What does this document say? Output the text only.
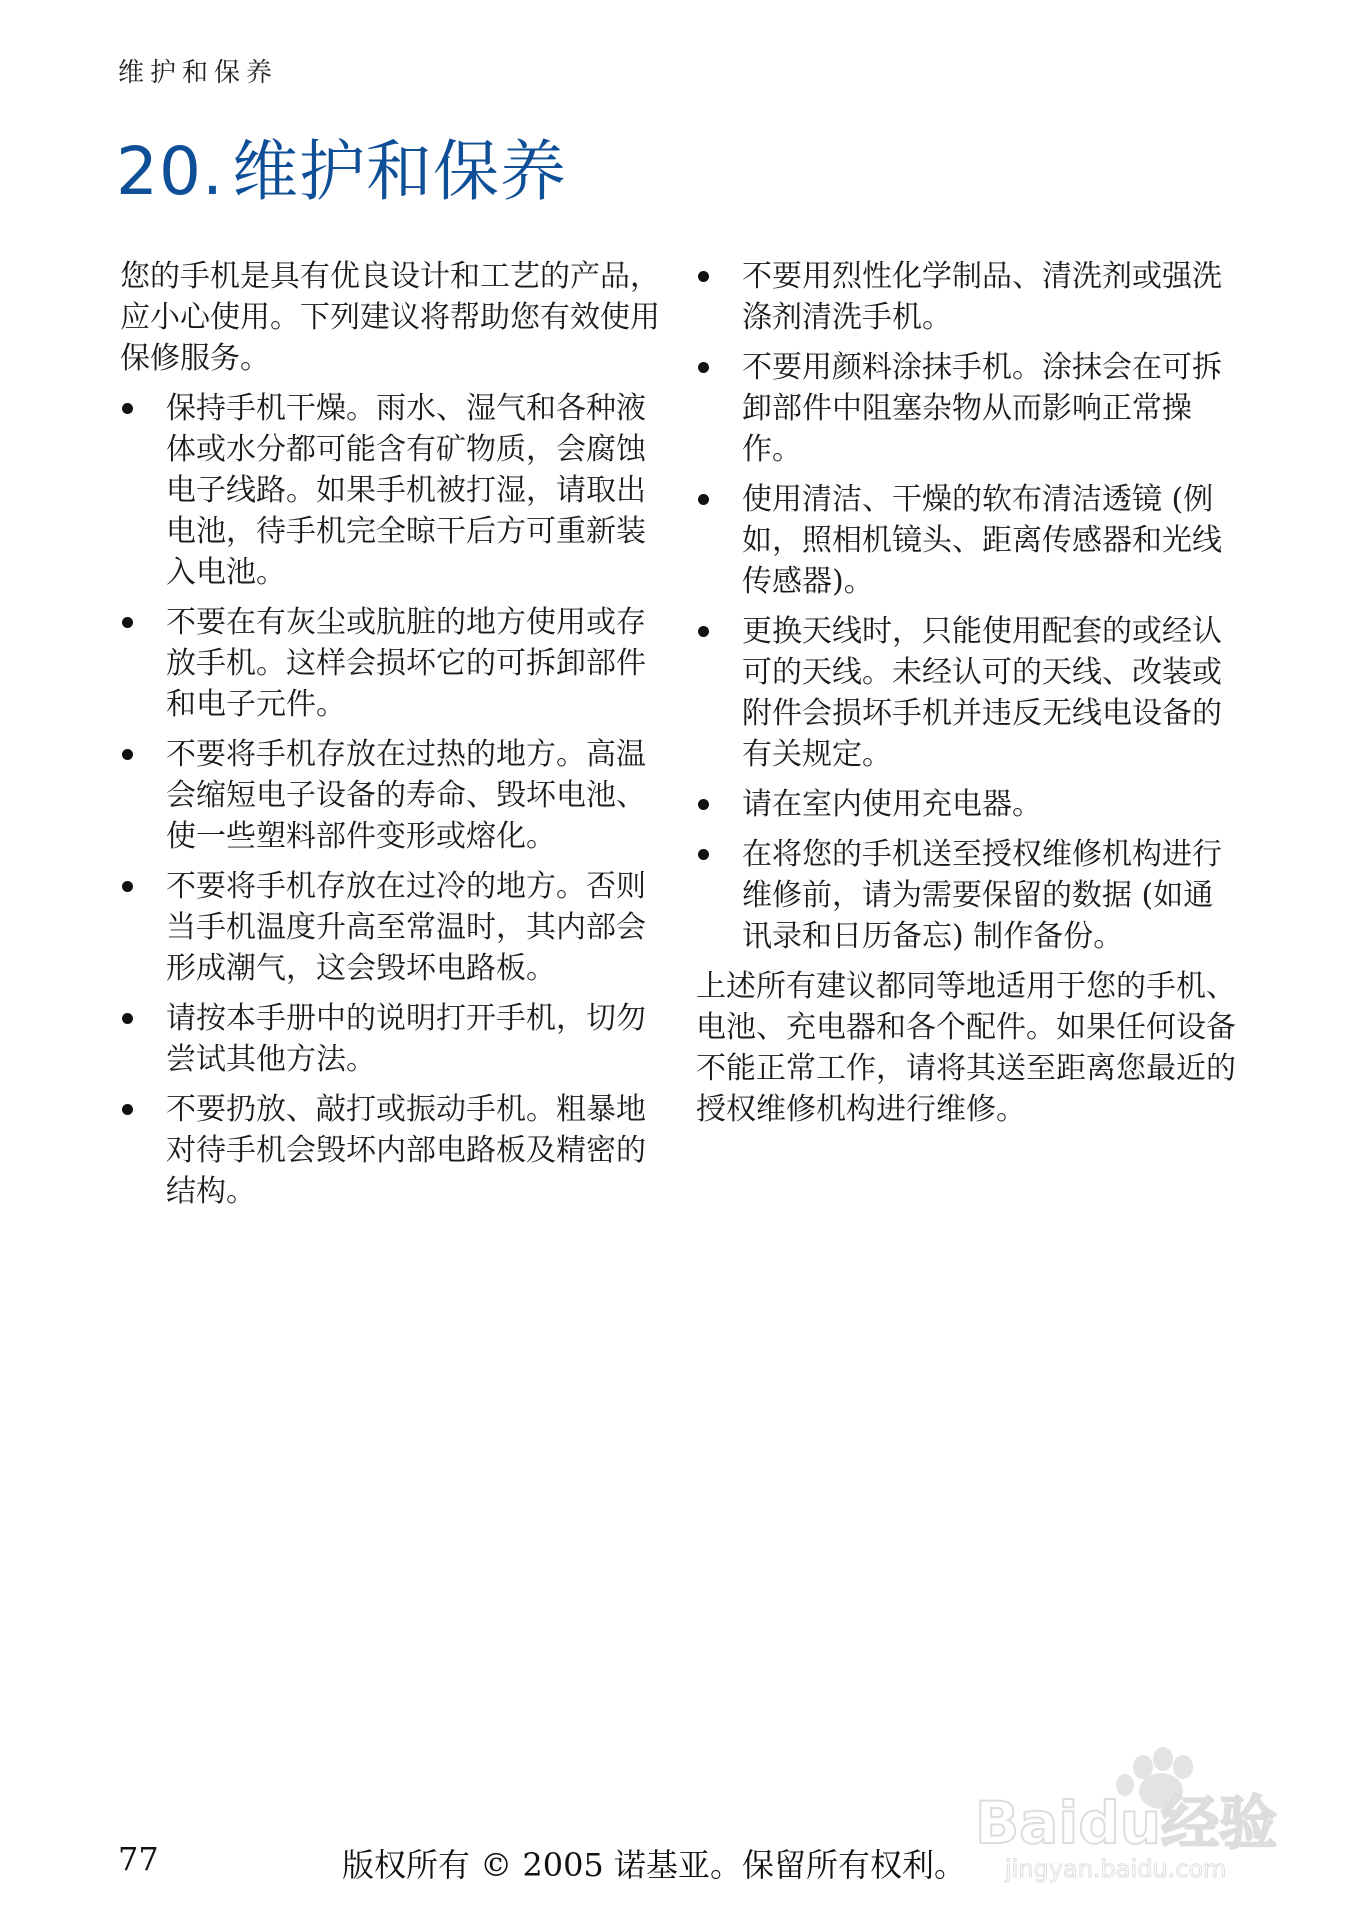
维护和保养
20. 维护和保养

您的手机是具有优良设计和工艺的产品，应小心使用。下列建议将帮助您有效使用保修服务。

保持手机干燥。雨水、湿气和各种液体或水分都可能含有矿物质，会腐蚀电子线路。如果手机被打湿，请取出电池，待手机完全晾干后方可重新装入电池。
不要在有灰尘或肮脏的地方使用或存放手机。这样会损坏它的可拆卸部件和电子元件。
不要将手机存放在过热的地方。高温会缩短电子设备的寿命、毁坏电池、使一些塑料部件变形或熔化。
不要将手机存放在过冷的地方。否则当手机温度升高至常温时，其内部会形成潮气，这会毁坏电路板。
请按本手册中的说明打开手机，切勿尝试其他方法。
不要扔放、敲打或振动手机。粗暴地对待手机会毁坏内部电路板及精密的结构。
不要用烈性化学制品、清洗剂或强洗涤剂清洗手机。
不要用颜料涂抹手机。涂抹会在可拆卸部件中阻塞杂物从而影响正常操作。
使用清洁、干燥的软布清洁透镜 (例如，照相机镜头、距离传感器和光线传感器)。
更换天线时，只能使用配套的或经认可的天线。未经认可的天线、改装或附件会损坏手机并违反无线电设备的有关规定。
请在室内使用充电器。
在将您的手机送至授权维修机构进行维修前，请为需要保留的数据 (如通讯录和日历备忘) 制作备份。

上述所有建议都同等地适用于您的手机、电池、充电器和各个配件。如果任何设备不能正常工作，请将其送至距离您最近的授权维修机构进行维修。

Baidu经验
jingyan.baidu.com
77	版权所有 © 2005 诺基亚。保留所有权利。
